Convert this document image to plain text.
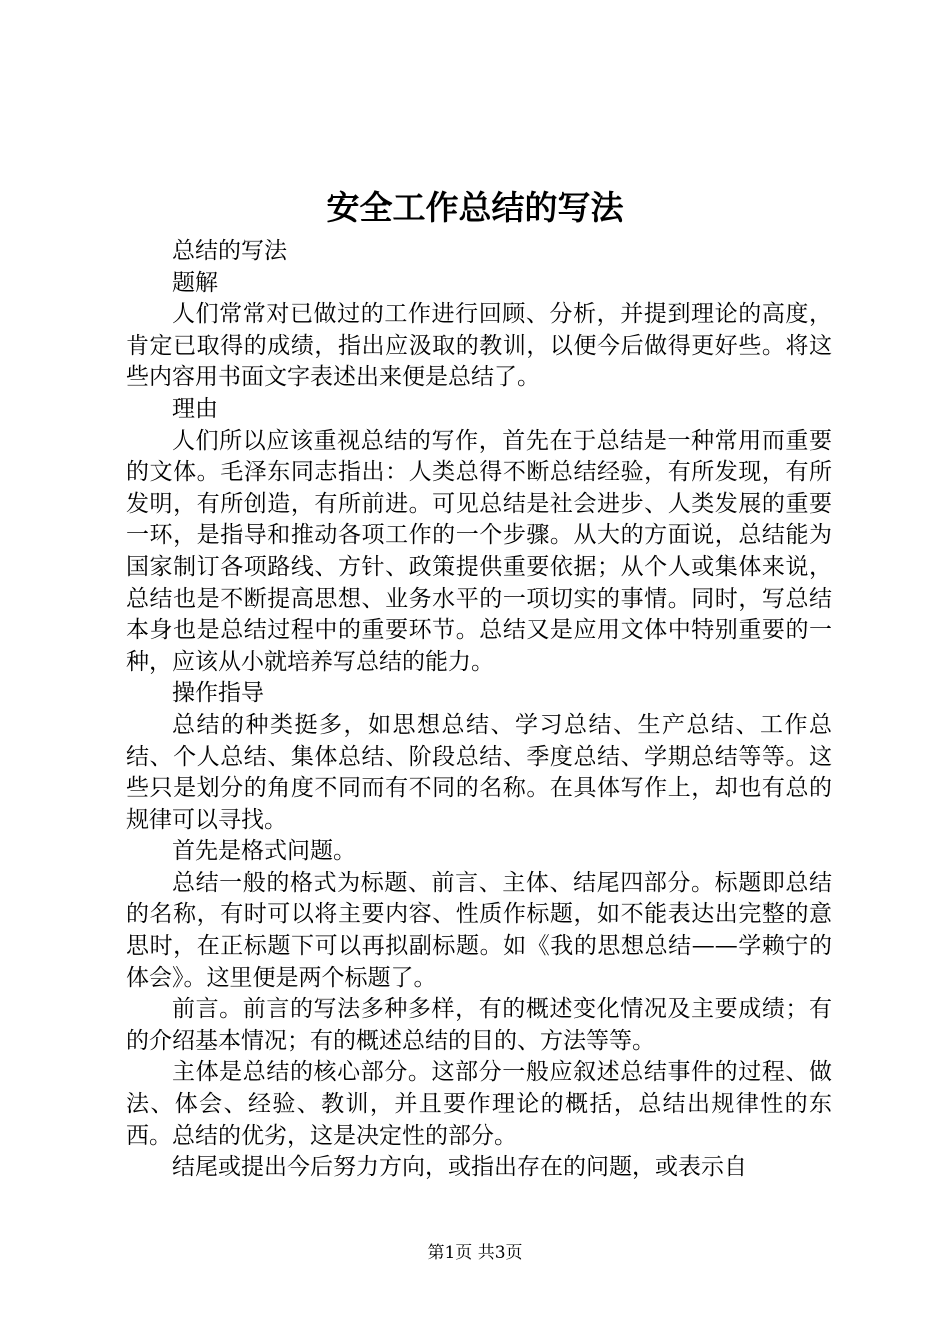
安全工作总结的写法

总结的写法

题解

人们常常对已做过的工作进行回顾、分析，并提到理论的高度，肯定已取得的成绩，指出应汲取的教训，以便今后做得更好些。将这些内容用书面文字表述出来便是总结了。

理由

人们所以应该重视总结的写作，首先在于总结是一种常用而重要的文体。毛泽东同志指出：人类总得不断总结经验，有所发现，有所发明，有所创造，有所前进。可见总结是社会进步、人类发展的重要一环，是指导和推动各项工作的一个步骤。从大的方面说，总结能为国家制订各项路线、方针、政策提供重要依据；从个人或集体来说，总结也是不断提高思想、业务水平的一项切实的事情。同时，写总结本身也是总结过程中的重要环节。总结又是应用文体中特别重要的一种，应该从小就培养写总结的能力。

操作指导

总结的种类挺多，如思想总结、学习总结、生产总结、工作总结、个人总结、集体总结、阶段总结、季度总结、学期总结等等。这些只是划分的角度不同而有不同的名称。在具体写作上，却也有总的规律可以寻找。

首先是格式问题。

总结一般的格式为标题、前言、主体、结尾四部分。标题即总结的名称，有时可以将主要内容、性质作标题，如不能表达出完整的意思时，在正标题下可以再拟副标题。如《我的思想总结——学赖宁的体会》。这里便是两个标题了。

前言。前言的写法多种多样，有的概述变化情况及主要成绩；有的介绍基本情况；有的概述总结的目的、方法等等。

主体是总结的核心部分。这部分一般应叙述总结事件的过程、做法、体会、经验、教训，并且要作理论的概括，总结出规律性的东西。总结的优劣，这是决定性的部分。

结尾或提出今后努力方向，或指出存在的问题，或表示自

第1页 共3页
